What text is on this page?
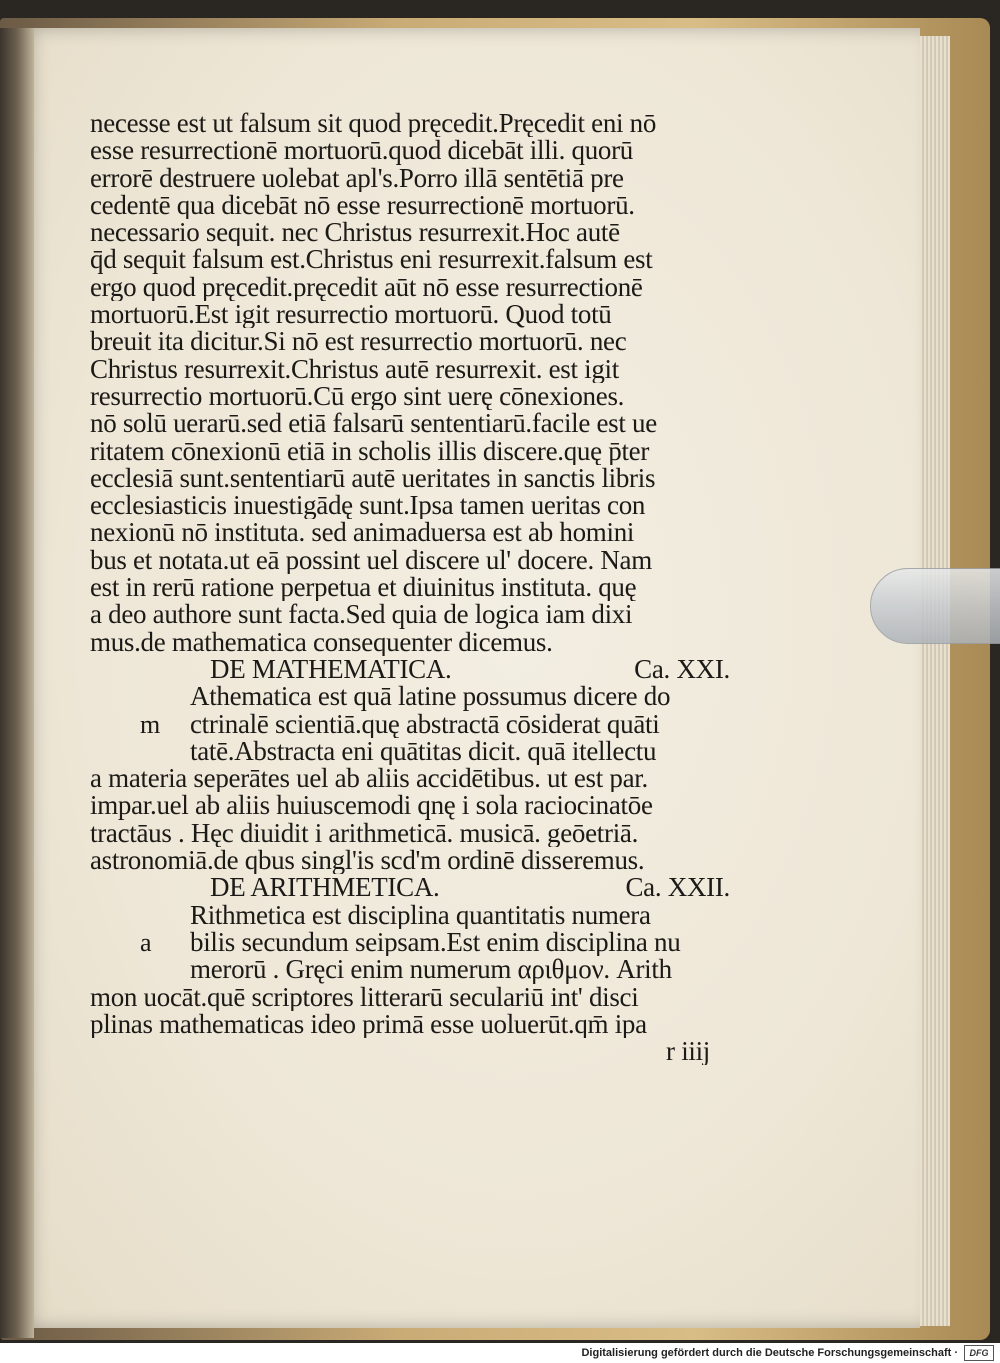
necesse est ut falsum sit quod pręcedit.Pręcedit eni nō
esse resurrectionē mortuorū.quod dicebāt illi. quorū
errorē destruere uolebat apl's.Porro illā sentētiā pre
cedentē qua dicebāt nō esse resurrectionē mortuorū.
necessario sequit. nec Christus resurrexit.Hoc autē
q̄d sequit falsum est.Christus eni resurrexit.falsum est
ergo quod pręcedit.pręcedit aūt nō esse resurrectionē
mortuorū.Est igit resurrectio mortuorū. Quod totū
breuit ita dicitur.Si nō est resurrectio mortuorū. nec
Christus resurrexit.Christus autē resurrexit. est igit
resurrectio mortuorū.Cū ergo sint uerę cōnexiones.
nō solū uerarū.sed etiā falsarū sententiarū.facile est ue
ritatem cōnexionū etiā in scholis illis discere.quę p̄ter
ecclesiā sunt.sententiarū autē ueritates in sanctis libris
ecclesiasticis inuestigādę sunt.Ipsa tamen ueritas con
nexionū nō instituta. sed animaduersa est ab homini
bus et notata.ut eā possint uel discere ul' docere. Nam
est in rerū ratione perpetua et diuinitus instituta. quę
a deo authore sunt facta.Sed quia de logica iam dixi
mus.de mathematica consequenter dicemus.
DE MATHEMATICA.	Ca. XXI.
Athematica est quā latine possumus dicere do
m ctrinalē scientiā.quę abstractā cōsiderat quāti
tatē.Abstracta eni quātitas dicit. quā itellectu
a materia seperātes uel ab aliis accidētibus. ut est par.
impar.uel ab aliis huiuscemodi qnę i sola raciocinatōe
tractāus . Hęc diuidit i arithmeticā. musicā. geōetriā.
astronomiā.de qbus singl'is scd'm ordinē disseremus.
DE ARITHMETICA.	Ca. XXII.
Rithmetica est disciplina quantitatis numera
a bilis secundum seipsam.Est enim disciplina nu
merorū . Gręci enim numerum αριθμον. Arith
mon uocāt.quē scriptores litterarū seculariū int' disci
plinas mathematicas ideo primā esse uoluerūt.qm̄ ipa
r iiij
Digitalisierung gefördert durch die Deutsche Forschungsgemeinschaft ·	DFG
